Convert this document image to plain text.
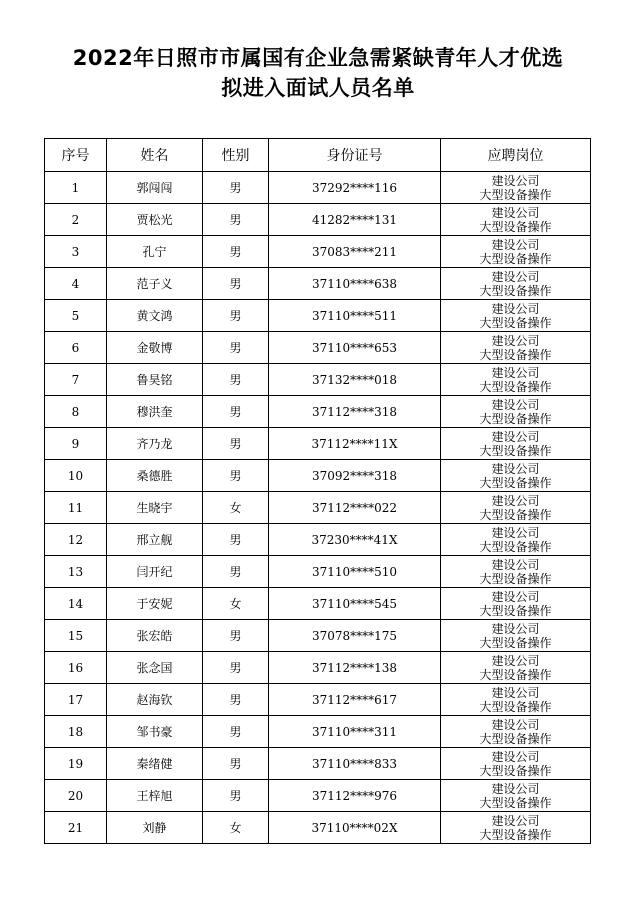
2022年日照市市属国有企业急需紧缺青年人才优选
拟进入面试人员名单
序号	姓名	性别	身份证号	应聘岗位
1	郭闯闯	男	37292****116	建设公司
大型设备操作

2	贾松光	男	41282****131	建设公司
大型设备操作

3	孔宁	男	37083****211	建设公司
大型设备操作

4	范子义	男	37110****638	建设公司
大型设备操作

5	黄文鸿	男	37110****511	建设公司
大型设备操作

6	金敬博	男	37110****653	建设公司
大型设备操作

7	鲁昊铭	男	37132****018	建设公司
大型设备操作

8	穆洪奎	男	37112****318	建设公司
大型设备操作

9	齐乃龙	男	37112****11X	建设公司
大型设备操作

10	桑德胜	男	37092****318	建设公司
大型设备操作

11	生晓宇	女	37112****022	建设公司
大型设备操作

12	邢立舰	男	37230****41X	建设公司
大型设备操作

13	闫开纪	男	37110****510	建设公司
大型设备操作

14	于安妮	女	37110****545	建设公司
大型设备操作

15	张宏皓	男	37078****175	建设公司
大型设备操作

16	张念国	男	37112****138	建设公司
大型设备操作

17	赵海钦	男	37112****617	建设公司
大型设备操作

18	邹书豪	男	37110****311	建设公司
大型设备操作

19	秦绪健	男	37110****833	建设公司
大型设备操作

20	王梓旭	男	37112****976	建设公司
大型设备操作

21	刘静	女	37110****02X	建设公司
大型设备操作
